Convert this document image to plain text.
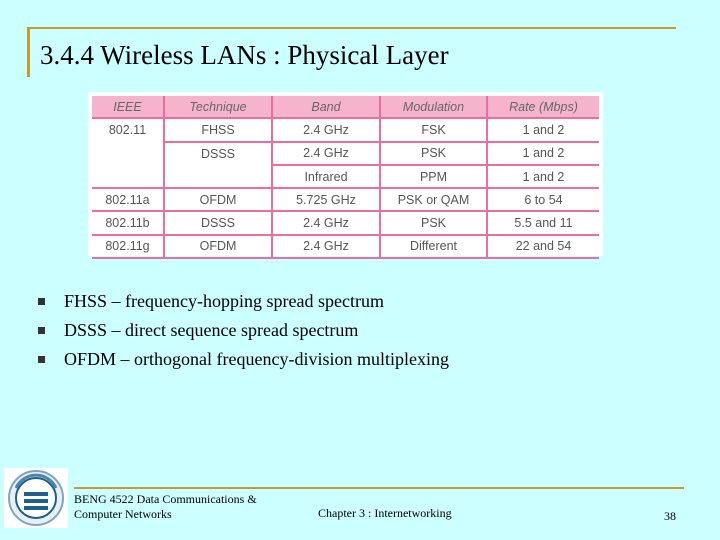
3.4.4 Wireless LANs : Physical Layer
IEEE	Technique	Band	Modulation	Rate (Mbps)
802.11	FHSS	2.4 GHz	FSK	1 and 2
	DSSS	2.4 GHz	PSK	1 and 2
		Infrared	PPM	1 and 2
802.11a	OFDM	5.725 GHz	PSK or QAM	6 to 54
802.11b	DSSS	2.4 GHz	PSK	5.5 and 11
802.11g	OFDM	2.4 GHz	Different	22 and 54
FHSS – frequency-hopping spread spectrum
DSSS – direct sequence spread spectrum
OFDM – orthogonal frequency-division multiplexing
BENG 4522 Data Communications &
Computer Networks	Chapter 3 : Internetworking	38
